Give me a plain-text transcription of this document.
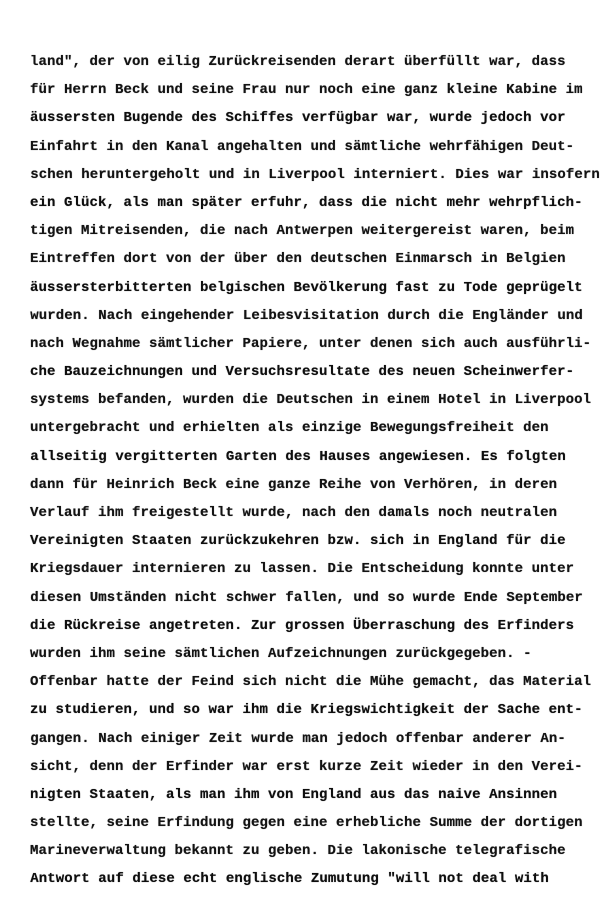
land", der von eilig Zurückreisenden derart überfüllt war, dass
für Herrn Beck und seine Frau nur noch eine ganz kleine Kabine im
äussersten Bugende des Schiffes verfügbar war, wurde jedoch vor
Einfahrt in den Kanal angehalten und sämtliche wehrfähigen Deut-
schen heruntergeholt und in Liverpool interniert. Dies war insofern
ein Glück, als man später erfuhr, dass die nicht mehr wehrpflich-
tigen Mitreisenden, die nach Antwerpen weitergereist waren, beim
Eintreffen dort von der über den deutschen Einmarsch in Belgien
äussersterbitterten belgischen Bevölkerung fast zu Tode geprügelt
wurden. Nach eingehender Leibesvisitation durch die Engländer und
nach Wegnahme sämtlicher Papiere, unter denen sich auch ausführli-
che Bauzeichnungen und Versuchsresultate des neuen Scheinwerfer-
systems befanden, wurden die Deutschen in einem Hotel in Liverpool
untergebracht und erhielten als einzige Bewegungsfreiheit den
allseitig vergitterten Garten des Hauses angewiesen. Es folgten
dann für Heinrich Beck eine ganze Reihe von Verhören, in deren
Verlauf ihm freigestellt wurde, nach den damals noch neutralen
Vereinigten Staaten zurückzukehren bzw. sich in England für die
Kriegsdauer internieren zu lassen. Die Entscheidung konnte unter
diesen Umständen nicht schwer fallen, und so wurde Ende September
die Rückreise angetreten. Zur grossen Überraschung des Erfinders
wurden ihm seine sämtlichen Aufzeichnungen zurückgegeben. -
Offenbar hatte der Feind sich nicht die Mühe gemacht, das Material
zu studieren, und so war ihm die Kriegswichtigkeit der Sache ent-
gangen. Nach einiger Zeit wurde man jedoch offenbar anderer An-
sicht, denn der Erfinder war erst kurze Zeit wieder in den Verei-
nigten Staaten, als man ihm von England aus das naive Ansinnen
stellte, seine Erfindung gegen eine erhebliche Summe der dortigen
Marineverwaltung bekannt zu geben. Die lakonische telegrafische
Antwort auf diese echt englische Zumutung "will not deal with
